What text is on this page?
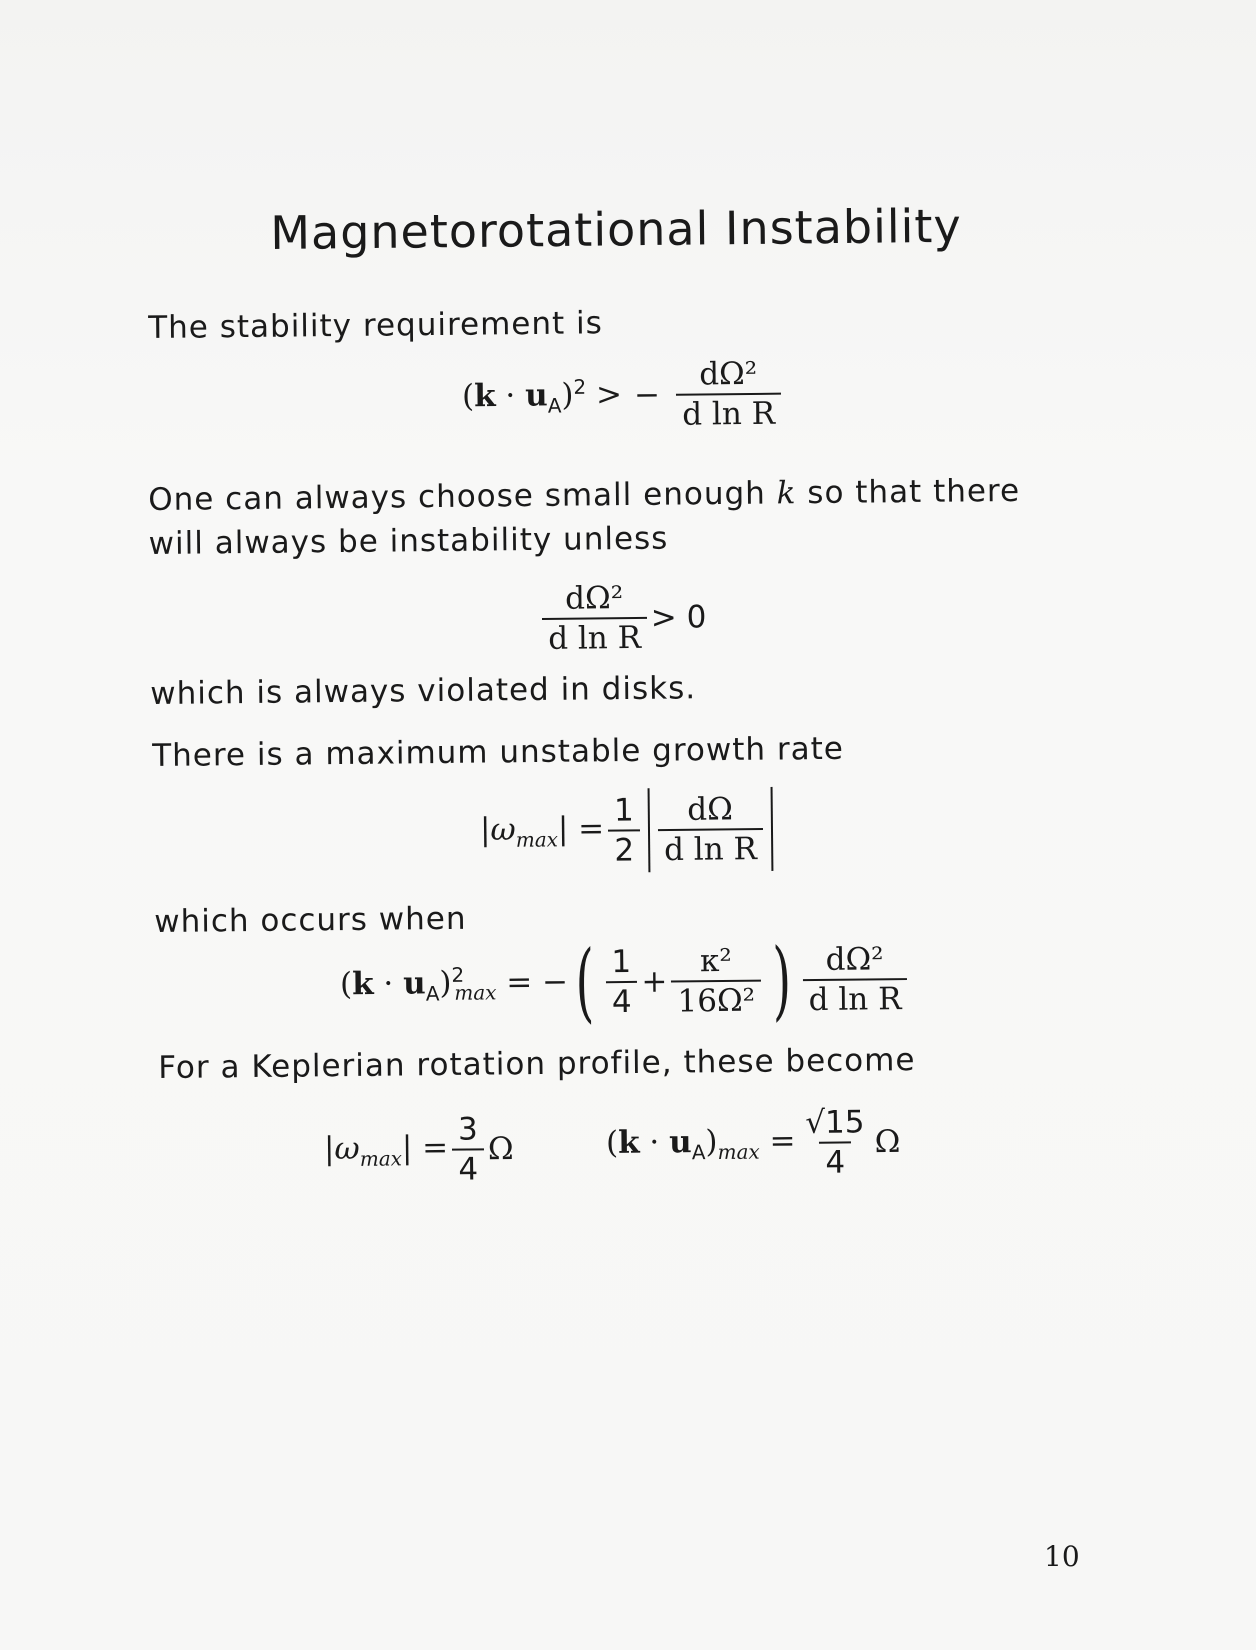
Magnetorotational Instability
The stability requirement is
$(k \cdot u_A)^2$ > − $\frac{\text{dΩ²}}{\text{d ln R}}$
One can always choose small enough k so that there
will always be instability unless
$\frac{\text{dΩ²}}{\text{d ln R}} > 0$
which is always violated in disks.
There is a maximum unstable growth rate
$|\omega_{max}| = \frac{1}{2} \frac{d\Omega}{\text{d ln R}}$
which occurs when
$(k \cdot u_A)^2_{max}$ = − ( $\frac{1}{4} + \frac{\text{κ²}}{\text{16Ω²}}$ ) $\frac{\text{dΩ²}}{\text{d ln R}}$
For a Keplerian rotation profile, these become
$|\omega_{max}| = \frac{3}{4}$ Ω	$(k \cdot u_A)_{max} = \frac{√15}{4}$ Ω
10
